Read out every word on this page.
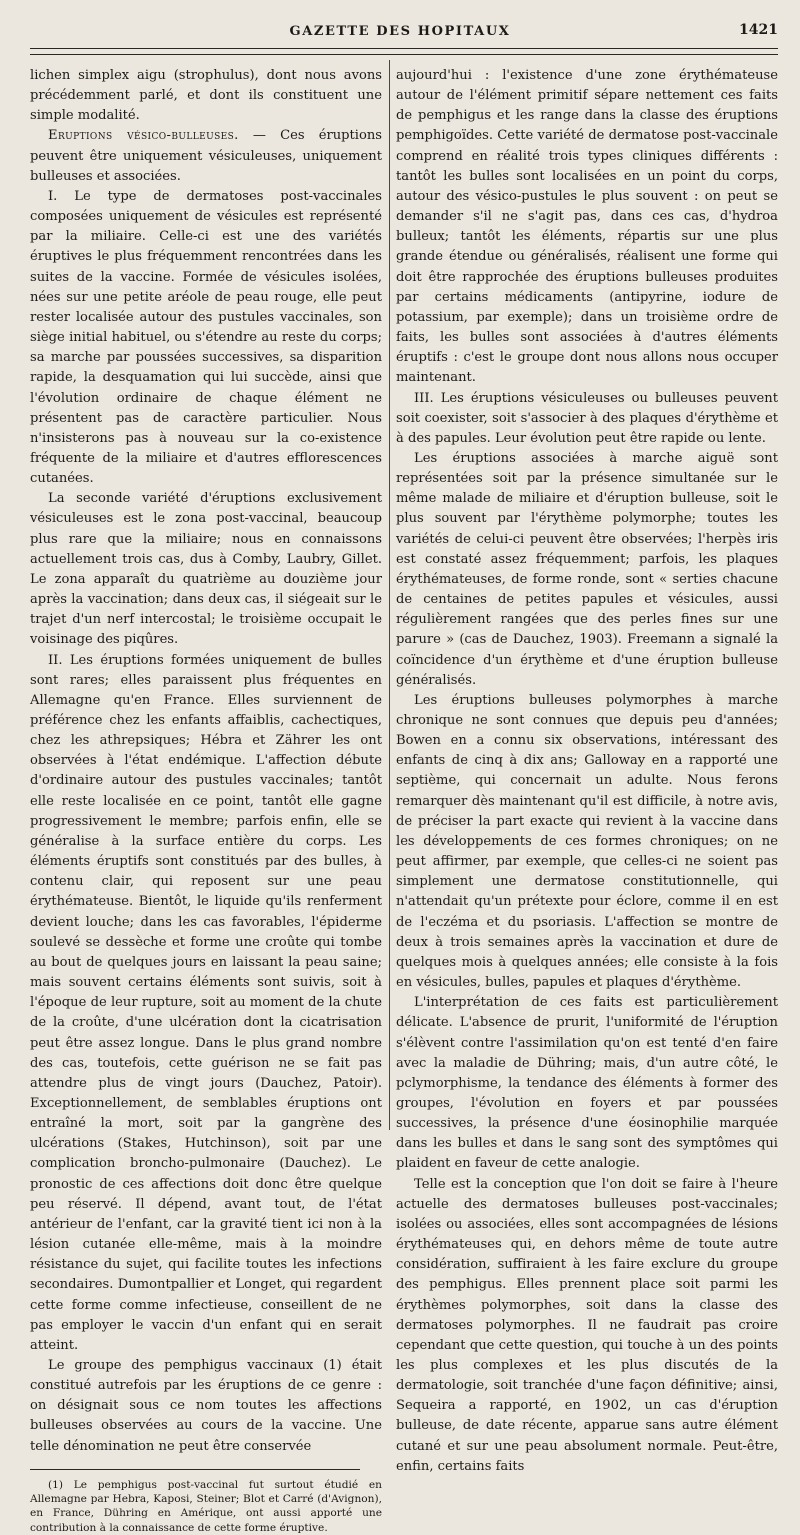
GAZETTE DES HOPITAUX	1421

lichen simplex aigu (strophulus), dont nous avons précédemment parlé, et dont ils constituent une simple modalité.

Eruptions vésico-bulleuses. — Ces éruptions peuvent être uniquement vésiculeuses, uniquement bulleuses et associées.

I. Le type de dermatoses post-vaccinales composées uniquement de vésicules est représenté par la miliaire. Celle-ci est une des variétés éruptives le plus fréquemment rencontrées dans les suites de la vaccine. Formée de vésicules isolées, nées sur une petite aréole de peau rouge, elle peut rester localisée autour des pustules vaccinales, son siège initial habituel, ou s'étendre au reste du corps; sa marche par poussées successives, sa disparition rapide, la desquamation qui lui succède, ainsi que l'évolution ordinaire de chaque élément ne présentent pas de caractère particulier. Nous n'insisterons pas à nouveau sur la co-existence fréquente de la miliaire et d'autres efflorescences cutanées.

La seconde variété d'éruptions exclusivement vésiculeuses est le zona post-vaccinal, beaucoup plus rare que la miliaire; nous en connaissons actuellement trois cas, dus à Comby, Laubry, Gillet. Le zona apparaît du quatrième au douzième jour après la vaccination; dans deux cas, il siégeait sur le trajet d'un nerf intercostal; le troisième occupait le voisinage des piqûres.

II. Les éruptions formées uniquement de bulles sont rares; elles paraissent plus fréquentes en Allemagne qu'en France. Elles surviennent de préférence chez les enfants affaiblis, cachectiques, chez les athrepsiques; Hébra et Zährer les ont observées à l'état endémique. L'affection débute d'ordinaire autour des pustules vaccinales; tantôt elle reste localisée en ce point, tantôt elle gagne progressivement le membre; parfois enfin, elle se généralise à la surface entière du corps. Les éléments éruptifs sont constitués par des bulles, à contenu clair, qui reposent sur une peau érythémateuse. Bientôt, le liquide qu'ils renferment devient louche; dans les cas favorables, l'épiderme soulevé se dessèche et forme une croûte qui tombe au bout de quelques jours en laissant la peau saine; mais souvent certains éléments sont suivis, soit à l'époque de leur rupture, soit au moment de la chute de la croûte, d'une ulcération dont la cicatrisation peut être assez longue. Dans le plus grand nombre des cas, toutefois, cette guérison ne se fait pas attendre plus de vingt jours (Dauchez, Patoir). Exceptionnellement, de semblables éruptions ont entraîné la mort, soit par la gangrène des ulcérations (Stakes, Hutchinson), soit par une complication broncho-pulmonaire (Dauchez). Le pronostic de ces affections doit donc être quelque peu réservé. Il dépend, avant tout, de l'état antérieur de l'enfant, car la gravité tient ici non à la lésion cutanée elle-même, mais à la moindre résistance du sujet, qui facilite toutes les infections secondaires. Dumontpallier et Longet, qui regardent cette forme comme infectieuse, conseillent de ne pas employer le vaccin d'un enfant qui en serait atteint.

Le groupe des pemphigus vaccinaux (1) était constitué autrefois par les éruptions de ce genre : on désignait sous ce nom toutes les affections bulleuses observées au cours de la vaccine. Une telle dénomination ne peut être conservée

(1) Le pemphigus post-vaccinal fut surtout étudié en Allemagne par Hebra, Kaposi, Steiner; Blot et Carré (d'Avignon), en France, Dühring en Amérique, ont aussi apporté une contribution à la connaissance de cette forme éruptive.

aujourd'hui : l'existence d'une zone érythémateuse autour de l'élément primitif sépare nettement ces faits de pemphigus et les range dans la classe des éruptions pemphigoïdes. Cette variété de dermatose post-vaccinale comprend en réalité trois types cliniques différents : tantôt les bulles sont localisées en un point du corps, autour des vésico-pustules le plus souvent : on peut se demander s'il ne s'agit pas, dans ces cas, d'hydroa bulleux; tantôt les éléments, répartis sur une plus grande étendue ou généralisés, réalisent une forme qui doit être rapprochée des éruptions bulleuses produites par certains médicaments (antipyrine, iodure de potassium, par exemple); dans un troisième ordre de faits, les bulles sont associées à d'autres éléments éruptifs : c'est le groupe dont nous allons nous occuper maintenant.

III. Les éruptions vésiculeuses ou bulleuses peuvent soit coexister, soit s'associer à des plaques d'érythème et à des papules. Leur évolution peut être rapide ou lente.

Les éruptions associées à marche aiguë sont représentées soit par la présence simultanée sur le même malade de miliaire et d'éruption bulleuse, soit le plus souvent par l'érythème polymorphe; toutes les variétés de celui-ci peuvent être observées; l'herpès iris est constaté assez fréquemment; parfois, les plaques érythémateuses, de forme ronde, sont « serties chacune de centaines de petites papules et vésicules, aussi régulièrement rangées que des perles fines sur une parure » (cas de Dauchez, 1903). Freemann a signalé la coïncidence d'un érythème et d'une éruption bulleuse généralisés.

Les éruptions bulleuses polymorphes à marche chronique ne sont connues que depuis peu d'années; Bowen en a connu six observations, intéressant des enfants de cinq à dix ans; Galloway en a rapporté une septième, qui concernait un adulte. Nous ferons remarquer dès maintenant qu'il est difficile, à notre avis, de préciser la part exacte qui revient à la vaccine dans les développements de ces formes chroniques; on ne peut affirmer, par exemple, que celles-ci ne soient pas simplement une dermatose constitutionnelle, qui n'attendait qu'un prétexte pour éclore, comme il en est de l'eczéma et du psoriasis. L'affection se montre de deux à trois semaines après la vaccination et dure de quelques mois à quelques années; elle consiste à la fois en vésicules, bulles, papules et plaques d'érythème.

L'interprétation de ces faits est particulièrement délicate. L'absence de prurit, l'uniformité de l'éruption s'élèvent contre l'assimilation qu'on est tenté d'en faire avec la maladie de Dühring; mais, d'un autre côté, le pclymorphisme, la tendance des éléments à former des groupes, l'évolution en foyers et par poussées successives, la présence d'une éosinophilie marquée dans les bulles et dans le sang sont des symptômes qui plaident en faveur de cette analogie.

Telle est la conception que l'on doit se faire à l'heure actuelle des dermatoses bulleuses post-vaccinales; isolées ou associées, elles sont accompagnées de lésions érythémateuses qui, en dehors même de toute autre considération, suffiraient à les faire exclure du groupe des pemphigus. Elles prennent place soit parmi les érythèmes polymorphes, soit dans la classe des dermatoses polymorphes. Il ne faudrait pas croire cependant que cette question, qui touche à un des points les plus complexes et les plus discutés de la dermatologie, soit tranchée d'une façon définitive; ainsi, Sequeira a rapporté, en 1902, un cas d'éruption bulleuse, de date récente, apparue sans autre élément cutané et sur une peau absolument normale. Peut-être, enfin, certains faits
